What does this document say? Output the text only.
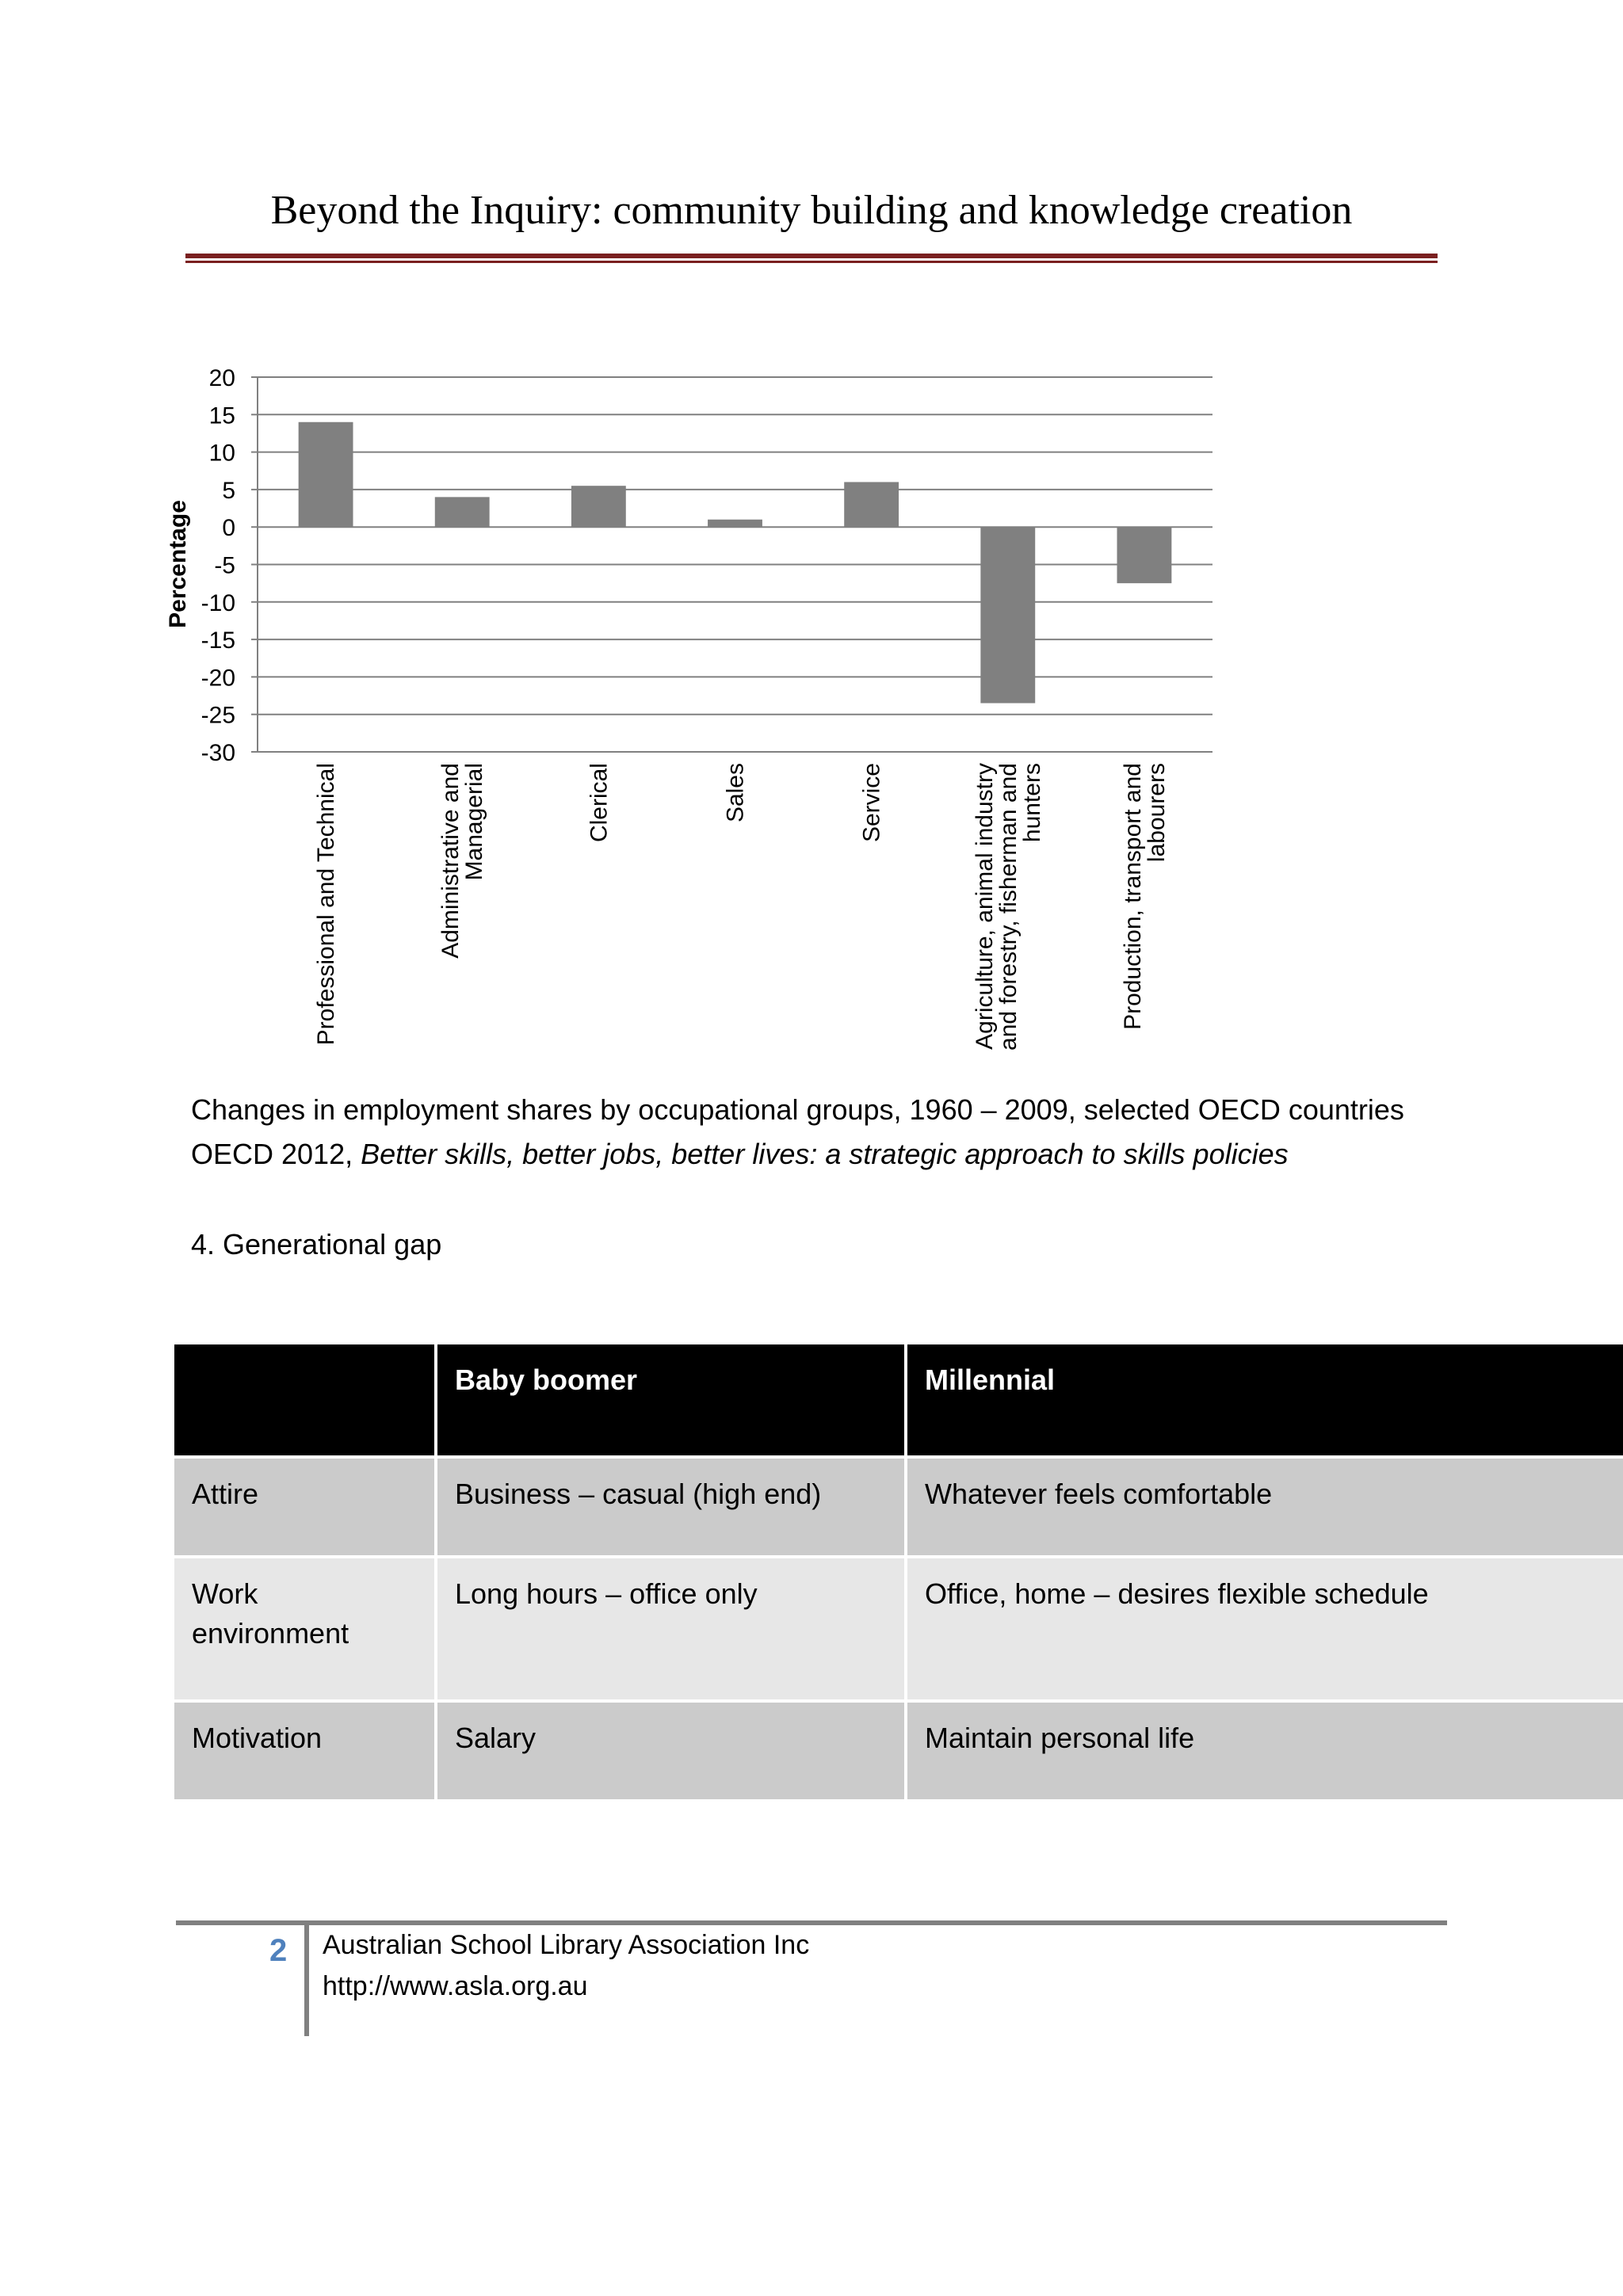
Beyond the Inquiry: community building and knowledge creation
20
15
10
5
0
-5
-10
-15
-20
-25
-30
Professional and Technical	Administrative and
Managerial	Clerical	Sales	Service	Agriculture, animal industry
and forestry, fisherman and
hunters	Production, transport and
labourers
Percentage
Changes in employment shares by occupational groups, 1960 – 2009, selected OECD countries
OECD 2012, Better skills, better jobs, better lives: a strategic approach to skills policies
4. Generational gap
	Baby boomer	Millennial
Attire	Business – casual (high end)	Whatever feels comfortable
Work environment	Long hours – office only	Office, home – desires flexible schedule
Motivation	Salary	Maintain personal life
2 Australian School Library Association Inc
http://www.asla.org.au
